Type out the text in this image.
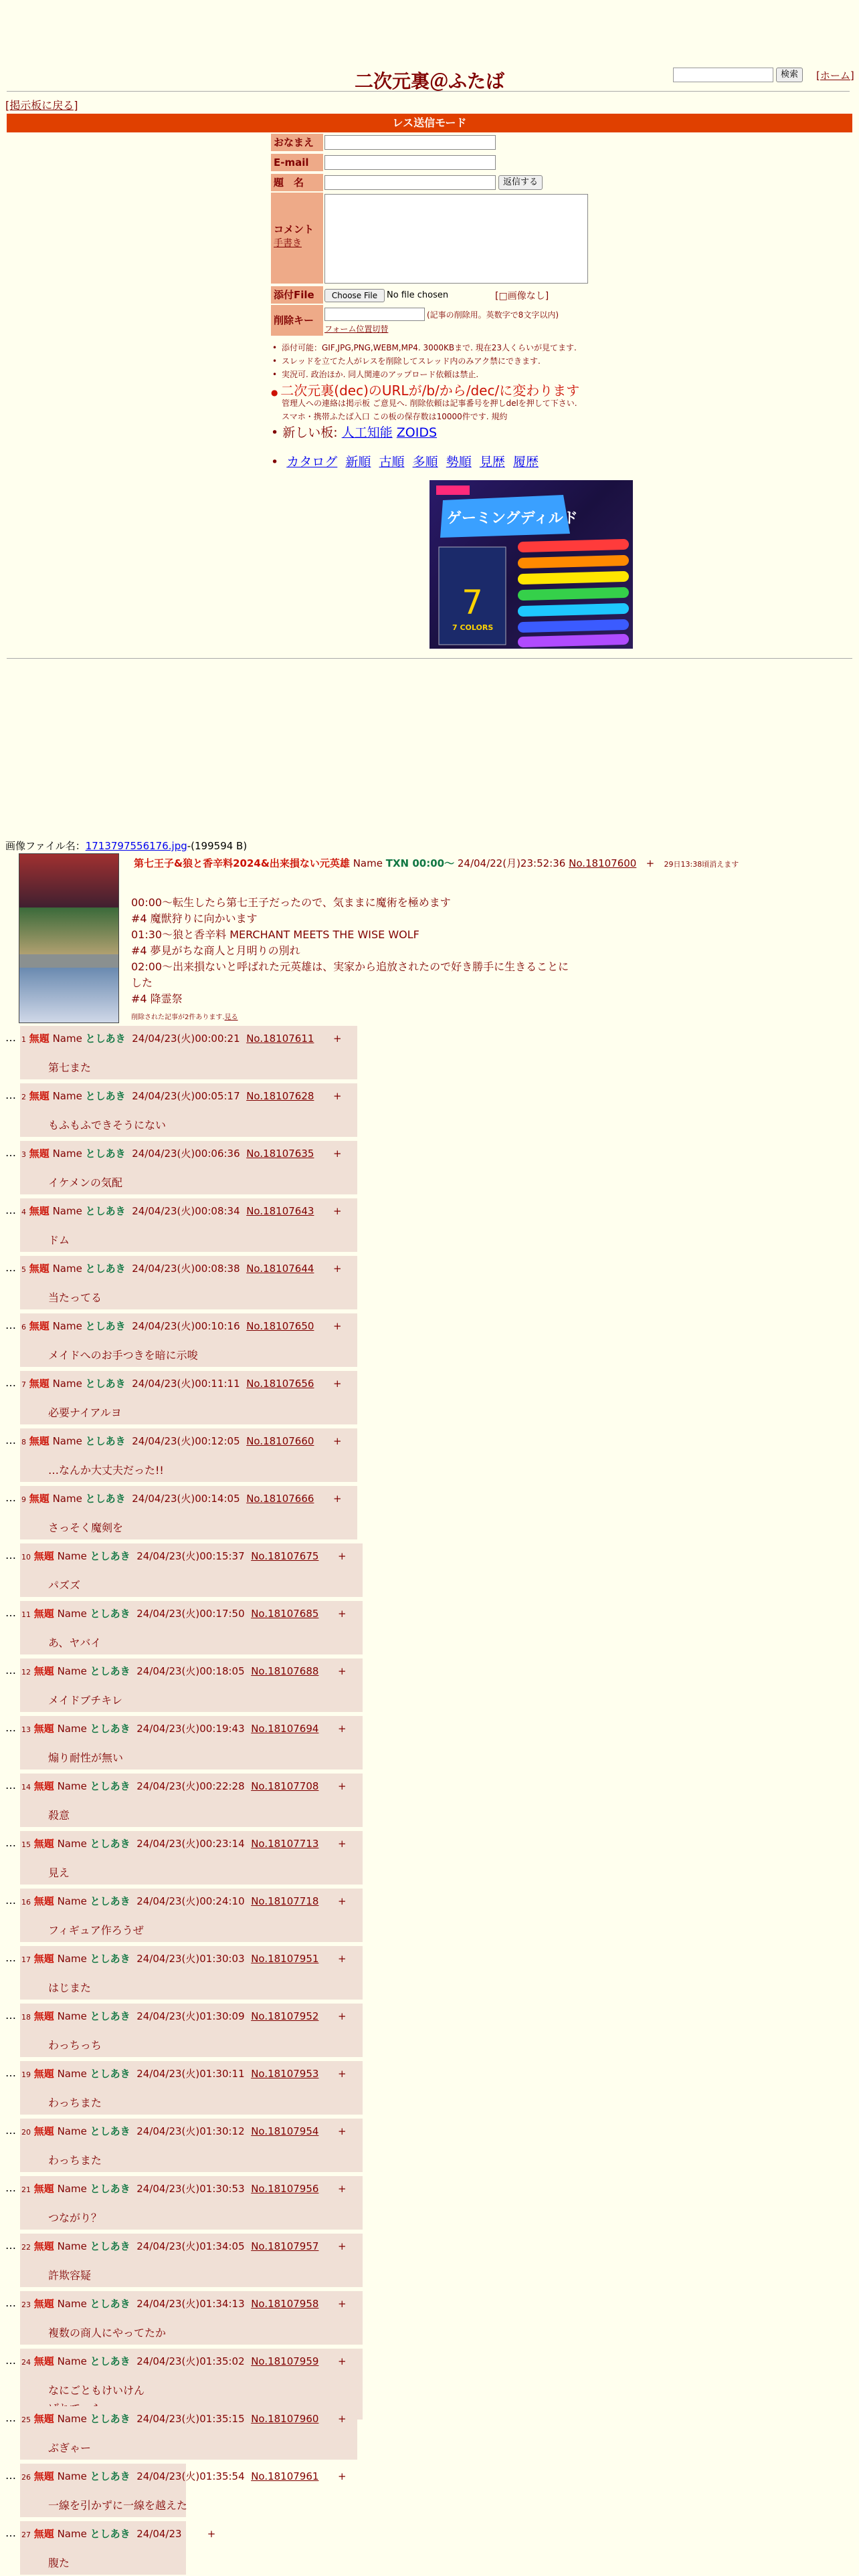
二次元裏＠ふたば	検索	[ホーム]
[掲示板に戻る]
レス送信モード
おなまえ
E-mail
題　名	返信する
コメント
手書き
添付File	Choose File	No file chosen	[□画像なし]
削除キー	(記事の削除用。英数字で8文字以内)
フォーム位置切替
• 添付可能：GIF,JPG,PNG,WEBM,MP4. 3000KBまで. 現在23人くらいが見てます.
• スレッドを立てた人がレスを削除してスレッド内のみアク禁にできます.
• 実況可. 政治ほか. 同人関連のアップロード依頼は禁止.
● 二次元裏(dec)のURLが/b/から/dec/に変わります
管理人への連絡は掲示板 ご意見へ. 削除依頼は記事番号を押しdelを押して下さい.
スマホ・携帯ふたば入口 この板の保存数は10000件です. 規約
• 新しい板: 人工知能 ZOIDS
•  カタログ 新順 古順 多順 勢順 見歴 履歴
7
ゲーミングディルド
7 COLORS
画像ファイル名：1713797556176.jpg-(199594 B)
第七王子&狼と香辛料2024&出来損ない元英雄 Name TXN 00:00〜 24/04/22(月)23:52:36 No.18107600 + 29日13:38頃消えます
00:00〜転生したら第七王子だったので、気ままに魔術を極めます
#4 魔獣狩りに向かいます
01:30〜狼と香辛料 MERCHANT MEETS THE WISE WOLF
#4 夢見がちな商人と月明りの別れ
02:00〜出来損ないと呼ばれた元英雄は、実家から追放されたので好き勝手に生きることにした
#4 降霊祭
削除された記事が2件あります.見る
… 1 無題 Name としあき 24/04/23(火)00:00:21 No.18107611 +
第七また
… 2 無題 Name としあき 24/04/23(火)00:05:17 No.18107628 +
もふもふできそうにない
… 3 無題 Name としあき 24/04/23(火)00:06:36 No.18107635 +
イケメンの気配
… 4 無題 Name としあき 24/04/23(火)00:08:34 No.18107643 +
ドム
… 5 無題 Name としあき 24/04/23(火)00:08:38 No.18107644 +
当たってる
… 6 無題 Name としあき 24/04/23(火)00:10:16 No.18107650 +
メイドへのお手つきを暗に示唆
… 7 無題 Name としあき 24/04/23(火)00:11:11 No.18107656 +
必要ナイアルヨ
… 8 無題 Name としあき 24/04/23(火)00:12:05 No.18107660 +
…なんか大丈夫だった!!
… 9 無題 Name としあき 24/04/23(火)00:14:05 No.18107666 +
さっそく魔剣を
… 10 無題 Name としあき 24/04/23(火)00:15:37 No.18107675 +
パズズ
… 11 無題 Name としあき 24/04/23(火)00:17:50 No.18107685 +
あ、ヤバイ
… 12 無題 Name としあき 24/04/23(火)00:18:05 No.18107688 +
メイドブチキレ
… 13 無題 Name としあき 24/04/23(火)00:19:43 No.18107694 +
煽り耐性が無い
… 14 無題 Name としあき 24/04/23(火)00:22:28 No.18107708 +
殺意
… 15 無題 Name としあき 24/04/23(火)00:23:14 No.18107713 +
見え
… 16 無題 Name としあき 24/04/23(火)00:24:10 No.18107718 +
フィギュア作ろうぜ
… 17 無題 Name としあき 24/04/23(火)01:30:03 No.18107951 +
はじまた
… 18 無題 Name としあき 24/04/23(火)01:30:09 No.18107952 +
わっちっち
… 19 無題 Name としあき 24/04/23(火)01:30:11 No.18107953 +
わっちまた
… 20 無題 Name としあき 24/04/23(火)01:30:12 No.18107954 +
わっちまた
… 21 無題 Name としあき 24/04/23(火)01:30:53 No.18107956 +
つながり？
… 22 無題 Name としあき 24/04/23(火)01:34:05 No.18107957 +
許欺容疑
… 23 無題 Name としあき 24/04/23(火)01:34:13 No.18107958 +
複数の商人にやってたか
… 24 無題 Name としあき 24/04/23(火)01:35:02 No.18107959 +
なにごともけいけん
… 25 無題 Name としあき 24/04/23(火)01:35:15 No.18107960 +
ぶぎゃー
… 26 無題 Name としあき 24/04/23(火)01:35:54 No.18107961 +
一線を引かずに一線を越えた
… 27 無題 Name としあき 24/04/23	+
腹た
